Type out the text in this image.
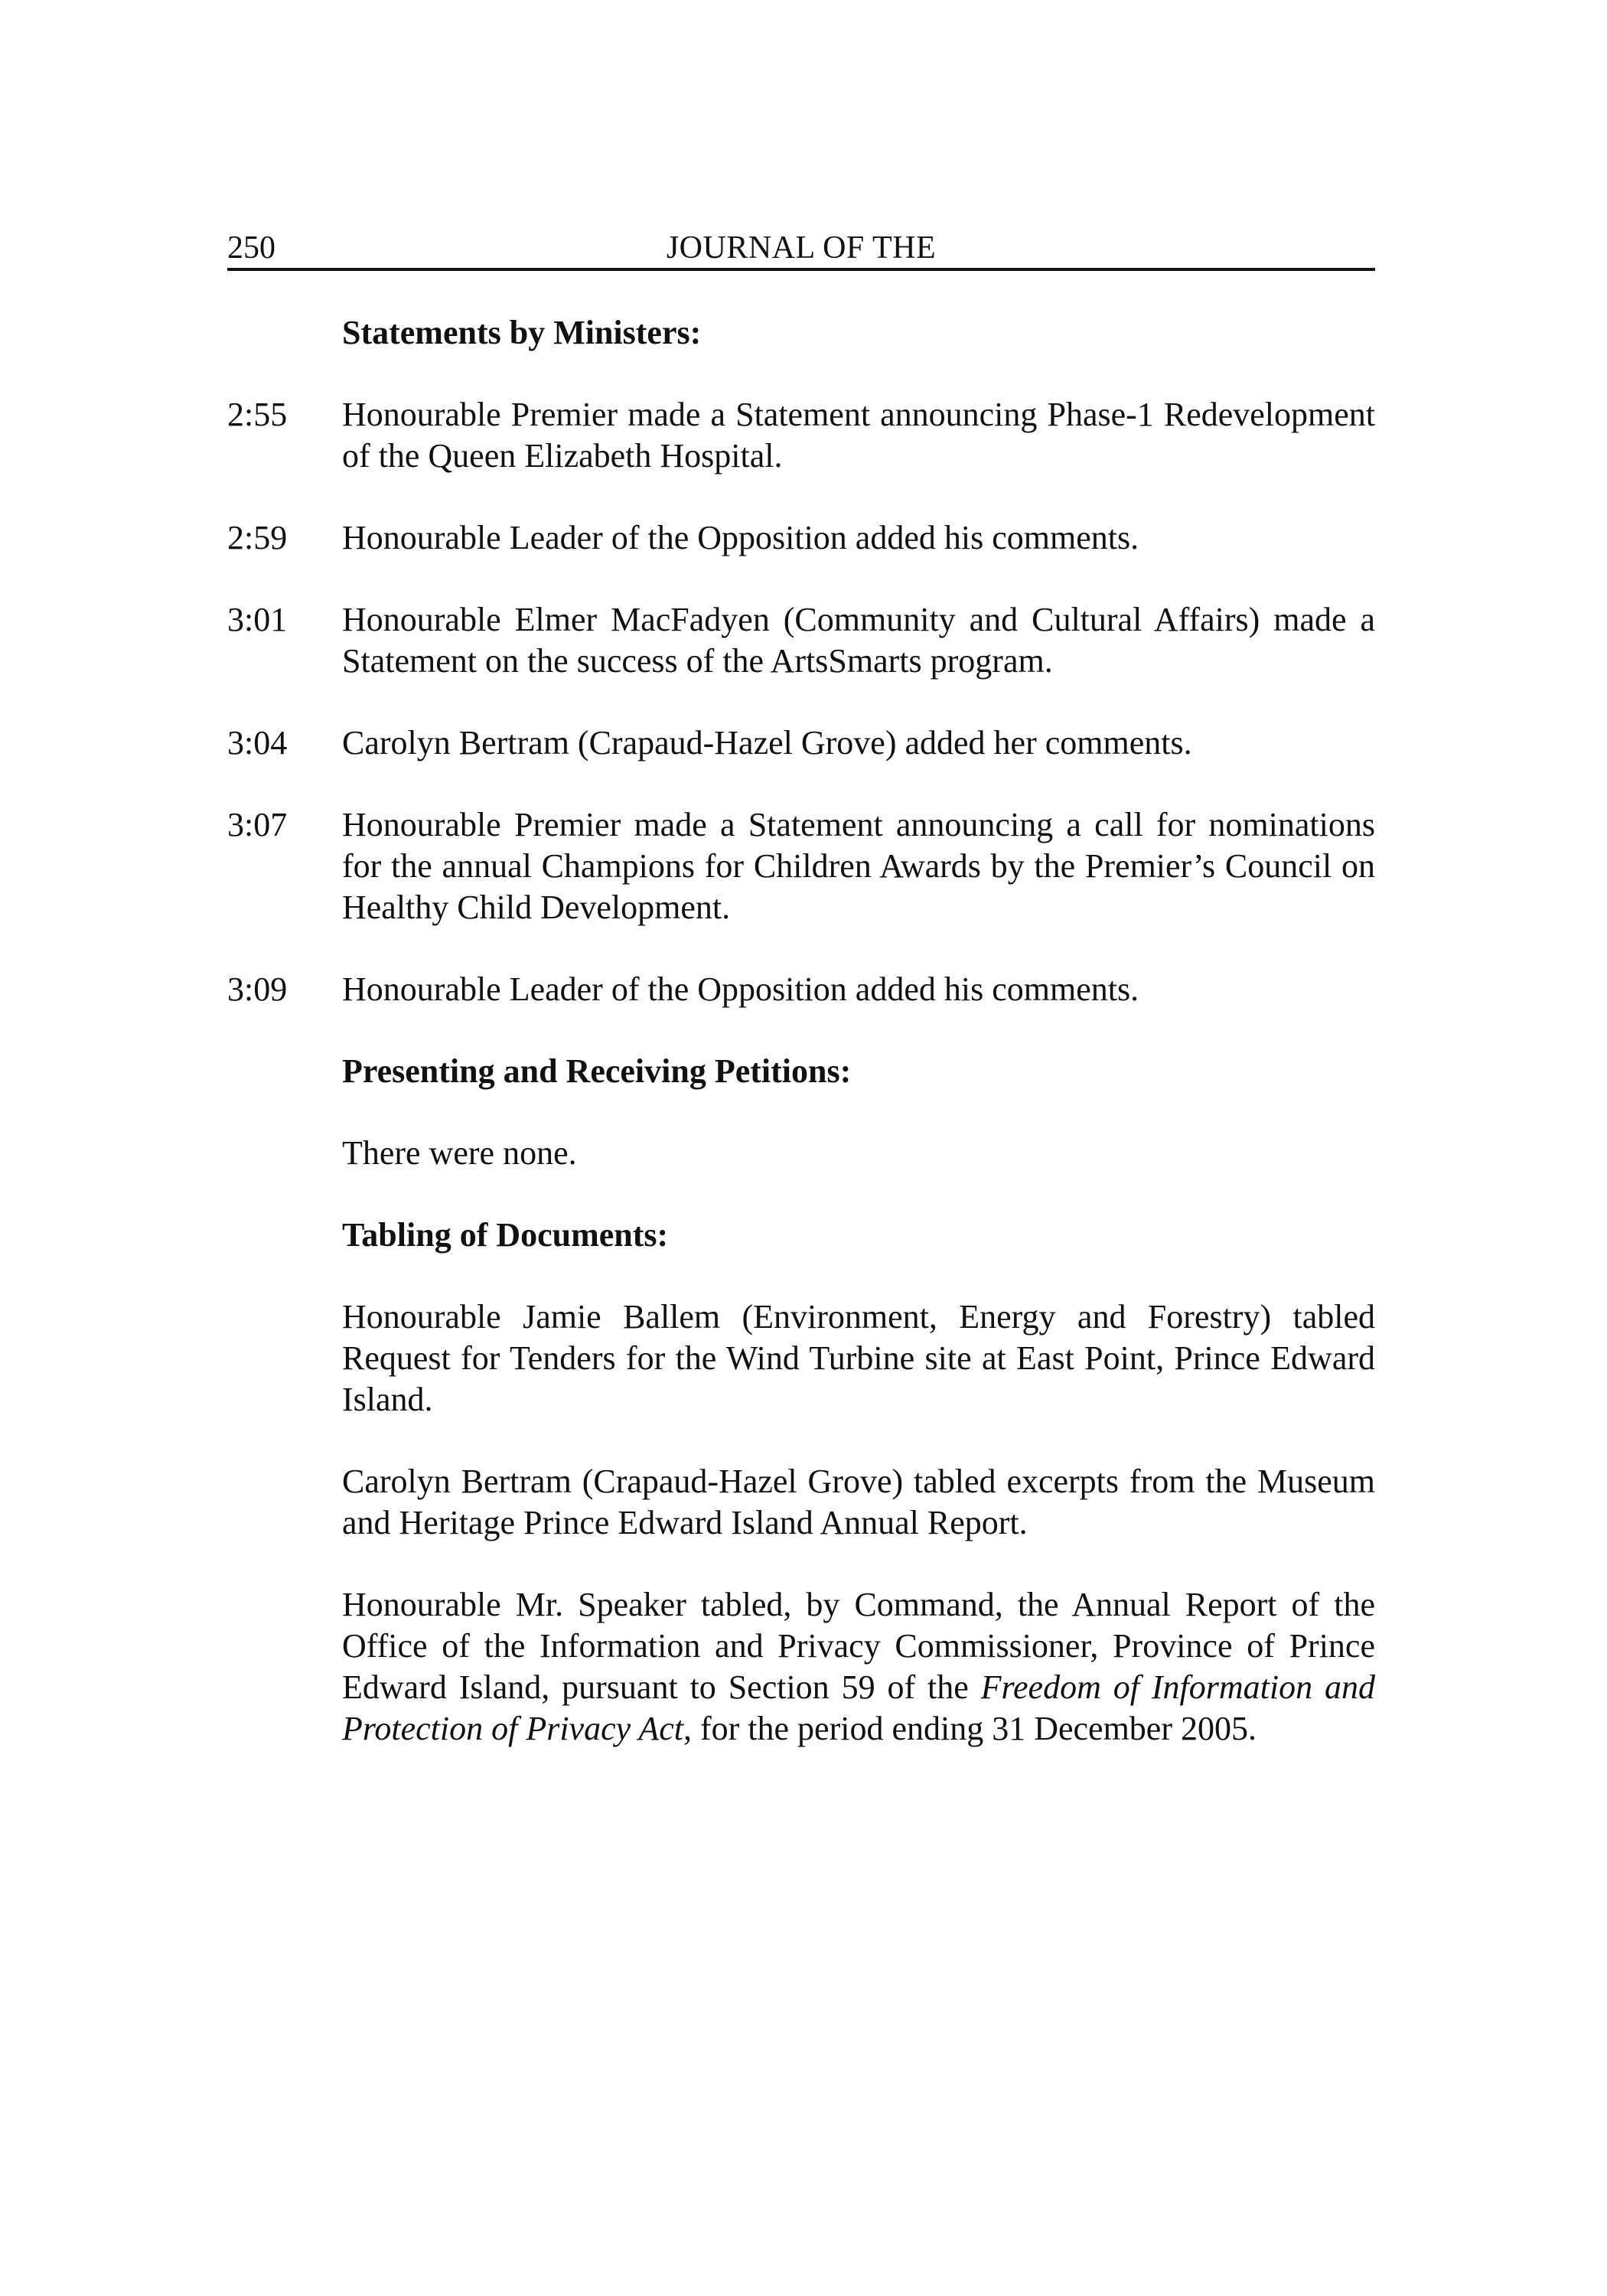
250	JOURNAL OF THE
Statements by Ministers:
2:55 Honourable Premier made a Statement announcing Phase-1 Redevelopment of the Queen Elizabeth Hospital.
2:59 Honourable Leader of the Opposition added his comments.
3:01 Honourable Elmer MacFadyen (Community and Cultural Affairs) made a Statement on the success of the ArtsSmarts program.
3:04 Carolyn Bertram (Crapaud-Hazel Grove) added her comments.
3:07 Honourable Premier made a Statement announcing a call for nominations for the annual Champions for Children Awards by the Premier’s Council on Healthy Child Development.
3:09 Honourable Leader of the Opposition added his comments.
Presenting and Receiving Petitions:

There were none.

Tabling of Documents:

Honourable Jamie Ballem (Environment, Energy and Forestry) tabled Request for Tenders for the Wind Turbine site at East Point, Prince Edward Island.

Carolyn Bertram (Crapaud-Hazel Grove) tabled excerpts from the Museum and Heritage Prince Edward Island Annual Report.

Honourable Mr. Speaker tabled, by Command, the Annual Report of the Office of the Information and Privacy Commissioner, Province of Prince Edward Island, pursuant to Section 59 of the Freedom of Information and Protection of Privacy Act, for the period ending 31 December 2005.
